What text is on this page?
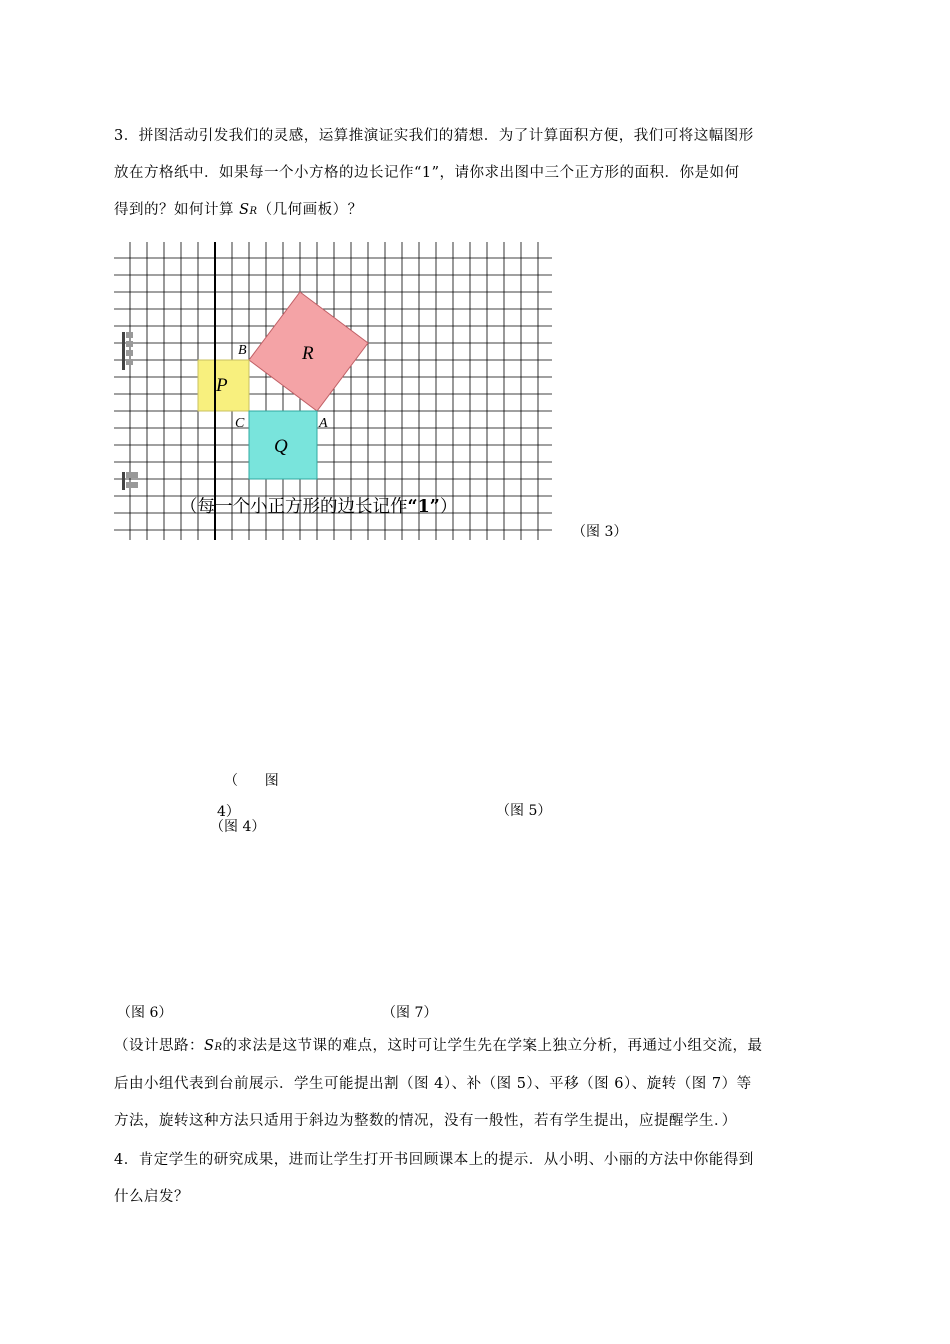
3．拼图活动引发我们的灵感，运算推演证实我们的猜想．为了计算面积方便，我们可将这幅图形
放在方格纸中．如果每一个小方格的边长记作“1”，请你求出图中三个正方形的面积．你是如何
得到的？如何计算 SR（几何画板）？
R
P
Q
B
C	A
（每一个小正方形的边长记作“1”）
（图 3）
（      图
4）
（图 4）
（图 5）
（图 6）	（图 7）
（设计思路：SR的求法是这节课的难点，这时可让学生先在学案上独立分析，再通过小组交流，最
后由小组代表到台前展示．学生可能提出割（图 4）、补（图 5）、平移（图 6）、旋转（图 7）等
方法，旋转这种方法只适用于斜边为整数的情况，没有一般性，若有学生提出，应提醒学生．）
4．肯定学生的研究成果，进而让学生打开书回顾课本上的提示．从小明、小丽的方法中你能得到
什么启发？
